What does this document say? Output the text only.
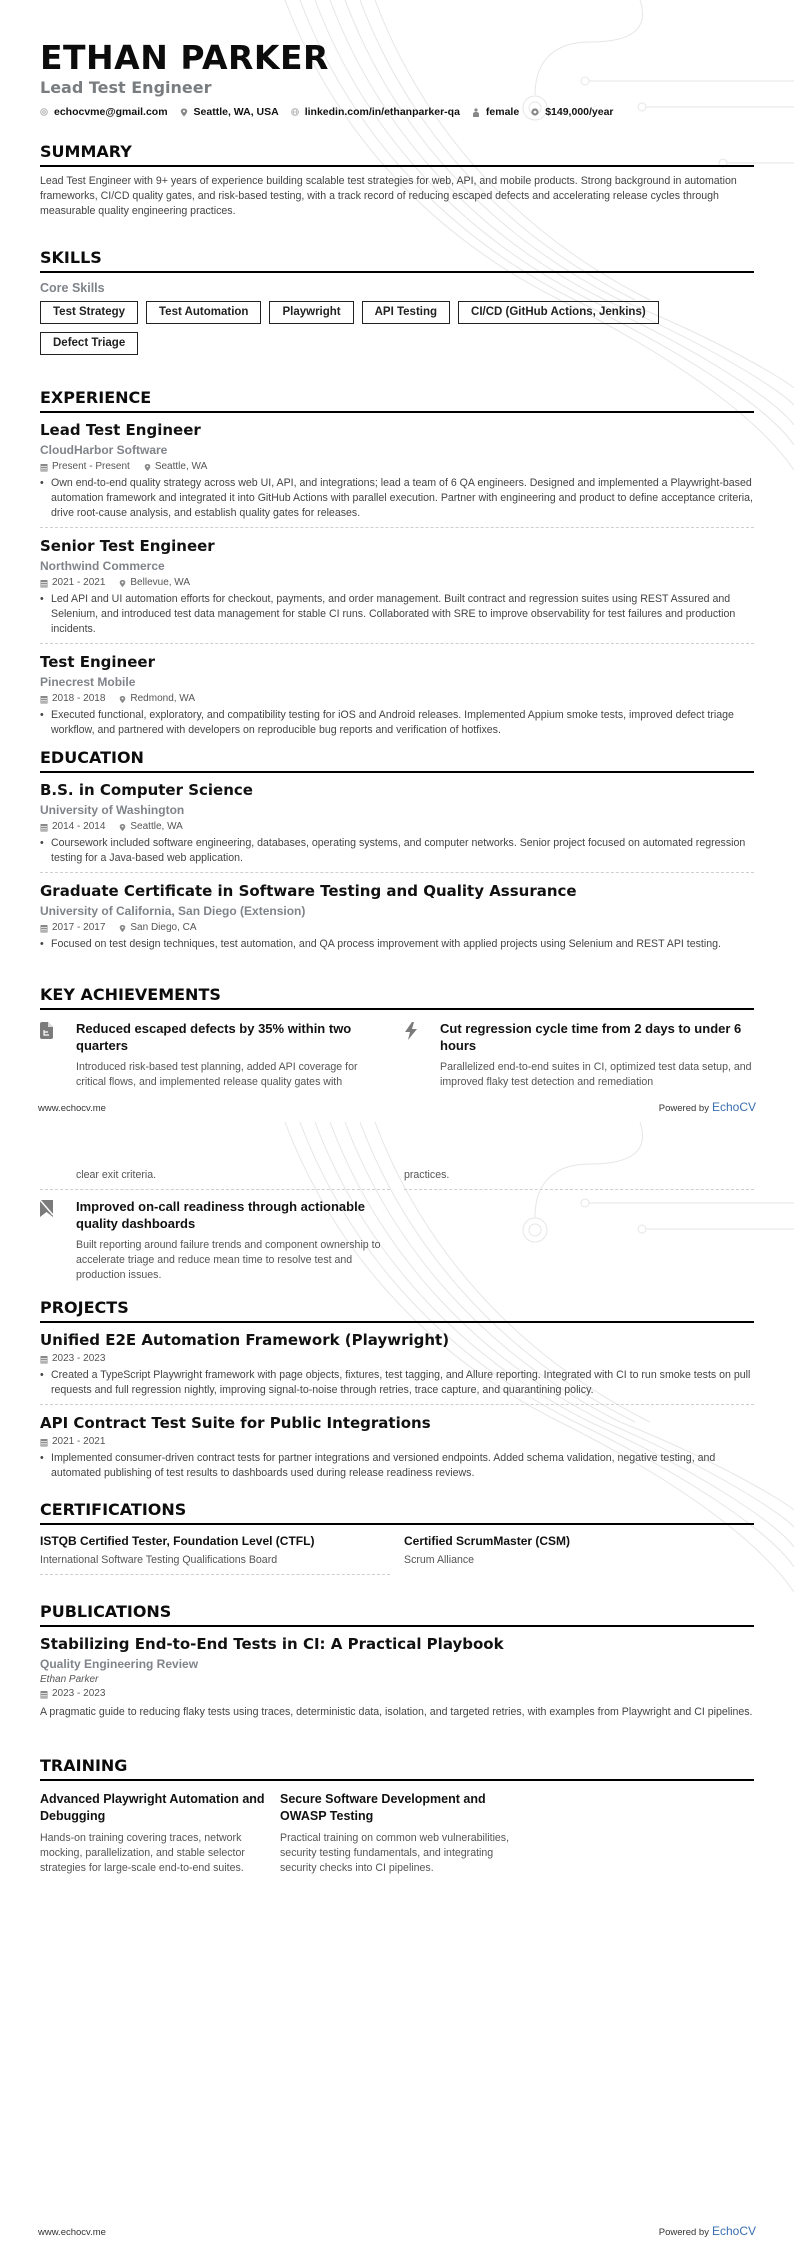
ETHAN PARKER
Lead Test Engineer
echocvme@gmail.com Seattle, WA, USA linkedin.com/in/ethanparker-qa female $149,000/year
SUMMARY
Lead Test Engineer with 9+ years of experience building scalable test strategies for web, API, and mobile products. Strong background in automation frameworks, CI/CD quality gates, and risk-based testing, with a track record of reducing escaped defects and accelerating release cycles through measurable quality engineering practices.
SKILLS
Core Skills
Test Strategy	Test Automation	Playwright	API Testing	CI/CD (GitHub Actions, Jenkins)
Defect Triage
EXPERIENCE
Lead Test Engineer
CloudHarbor Software
Present - Present	Seattle, WA
• Own end-to-end quality strategy across web UI, API, and integrations; lead a team of 6 QA engineers. Designed and implemented a Playwright-based automation framework and integrated it into GitHub Actions with parallel execution. Partner with engineering and product to define acceptance criteria, drive root-cause analysis, and establish quality gates for releases.
Senior Test Engineer
Northwind Commerce
2021 - 2021	Bellevue, WA
• Led API and UI automation efforts for checkout, payments, and order management. Built contract and regression suites using REST Assured and Selenium, and introduced test data management for stable CI runs. Collaborated with SRE to improve observability for test failures and production incidents.
Test Engineer
Pinecrest Mobile
2018 - 2018	Redmond, WA
• Executed functional, exploratory, and compatibility testing for iOS and Android releases. Implemented Appium smoke tests, improved defect triage workflow, and partnered with developers on reproducible bug reports and verification of hotfixes.
EDUCATION
B.S. in Computer Science
University of Washington
2014 - 2014	Seattle, WA
• Coursework included software engineering, databases, operating systems, and computer networks. Senior project focused on automated regression testing for a Java-based web application.
Graduate Certificate in Software Testing and Quality Assurance
University of California, San Diego (Extension)
2017 - 2017	San Diego, CA
• Focused on test design techniques, test automation, and QA process improvement with applied projects using Selenium and REST API testing.
KEY ACHIEVEMENTS
Reduced escaped defects by 35% within two quarters
Introduced risk-based test planning, added API coverage for critical flows, and implemented release quality gates with
Cut regression cycle time from 2 days to under 6 hours
Parallelized end-to-end suites in CI, optimized test data setup, and improved flaky test detection and remediation
www.echocv.me	Powered by EchoCV
clear exit criteria.	practices.
Improved on-call readiness through actionable quality dashboards
Built reporting around failure trends and component ownership to accelerate triage and reduce mean time to resolve test and production issues.
PROJECTS
Unified E2E Automation Framework (Playwright)
2023 - 2023
• Created a TypeScript Playwright framework with page objects, fixtures, test tagging, and Allure reporting. Integrated with CI to run smoke tests on pull requests and full regression nightly, improving signal-to-noise through retries, trace capture, and quarantining policy.
API Contract Test Suite for Public Integrations
2021 - 2021
• Implemented consumer-driven contract tests for partner integrations and versioned endpoints. Added schema validation, negative testing, and automated publishing of test results to dashboards used during release readiness reviews.
CERTIFICATIONS
ISTQB Certified Tester, Foundation Level (CTFL)
International Software Testing Qualifications Board
Certified ScrumMaster (CSM)
Scrum Alliance
PUBLICATIONS
Stabilizing End-to-End Tests in CI: A Practical Playbook
Quality Engineering Review
Ethan Parker
2023 - 2023
A pragmatic guide to reducing flaky tests using traces, deterministic data, isolation, and targeted retries, with examples from Playwright and CI pipelines.
TRAINING
Advanced Playwright Automation and Debugging
Hands-on training covering traces, network mocking, parallelization, and stable selector strategies for large-scale end-to-end suites.
Secure Software Development and OWASP Testing
Practical training on common web vulnerabilities, security testing fundamentals, and integrating security checks into CI pipelines.
www.echocv.me	Powered by EchoCV
